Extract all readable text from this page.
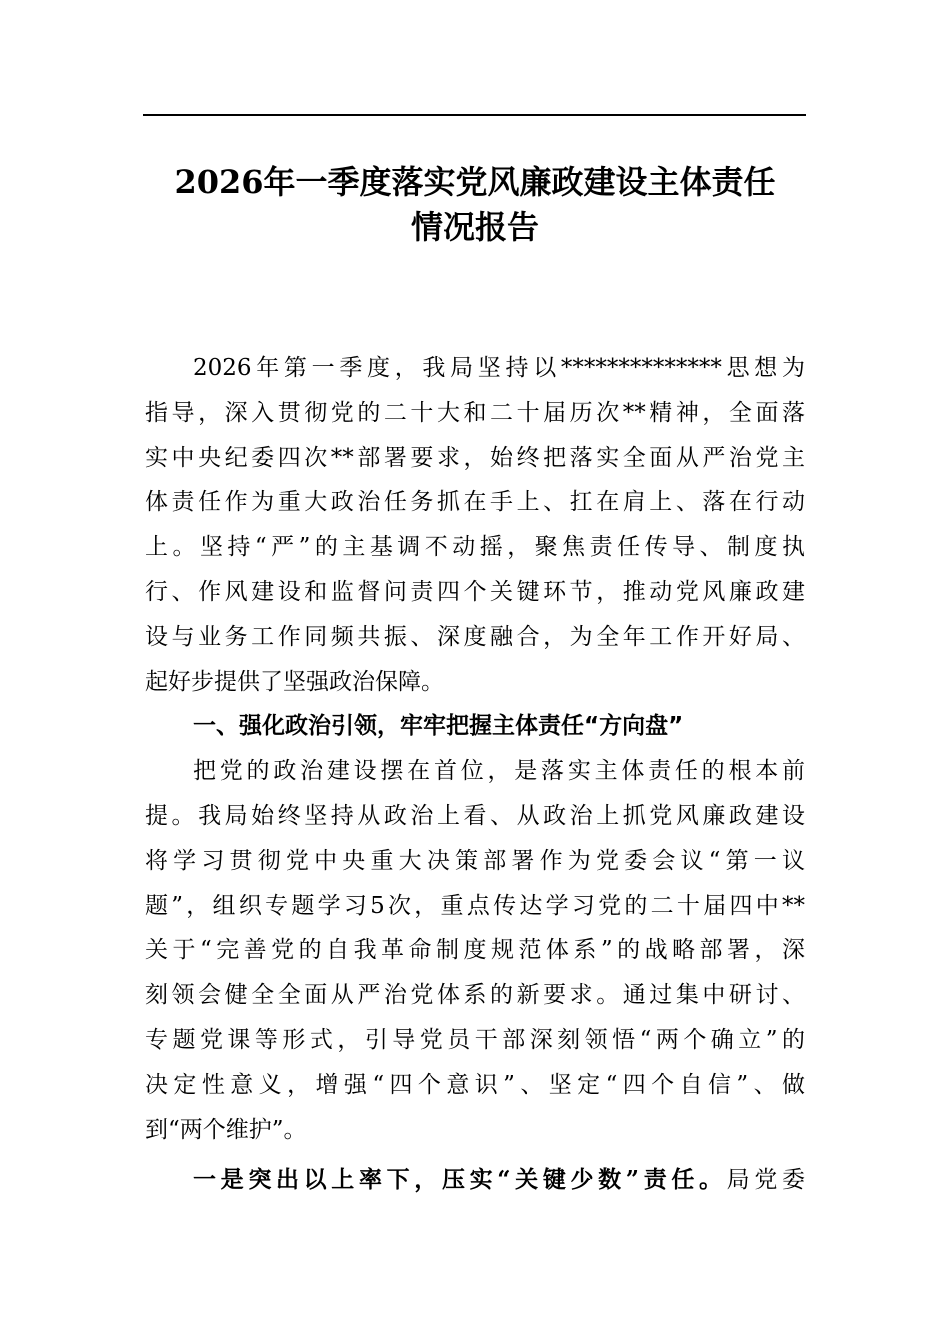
2026年一季度落实党风廉政建设主体责任
情况报告
2026年第一季度，我局坚持以**************思想为
指导，深入贯彻党的二十大和二十届历次**精神，全面落
实中央纪委四次**部署要求，始终把落实全面从严治党主
体责任作为重大政治任务抓在手上、扛在肩上、落在行动
上。坚持“严”的主基调不动摇，聚焦责任传导、制度执
行、作风建设和监督问责四个关键环节，推动党风廉政建
设与业务工作同频共振、深度融合，为全年工作开好局、
起好步提供了坚强政治保障。
一、强化政治引领，牢牢把握主体责任“方向盘”
把党的政治建设摆在首位，是落实主体责任的根本前
提。我局始终坚持从政治上看、从政治上抓党风廉政建设
将学习贯彻党中央重大决策部署作为党委会议“第一议
题”，组织专题学习5次，重点传达学习党的二十届四中**
关于“完善党的自我革命制度规范体系”的战略部署，深
刻领会健全全面从严治党体系的新要求。通过集中研讨、
专题党课等形式，引导党员干部深刻领悟“两个确立”的
决定性意义，增强“四个意识”、坚定“四个自信”、做
到“两个维护”。
一是突出以上率下，压实“关键少数”责任。局党委
